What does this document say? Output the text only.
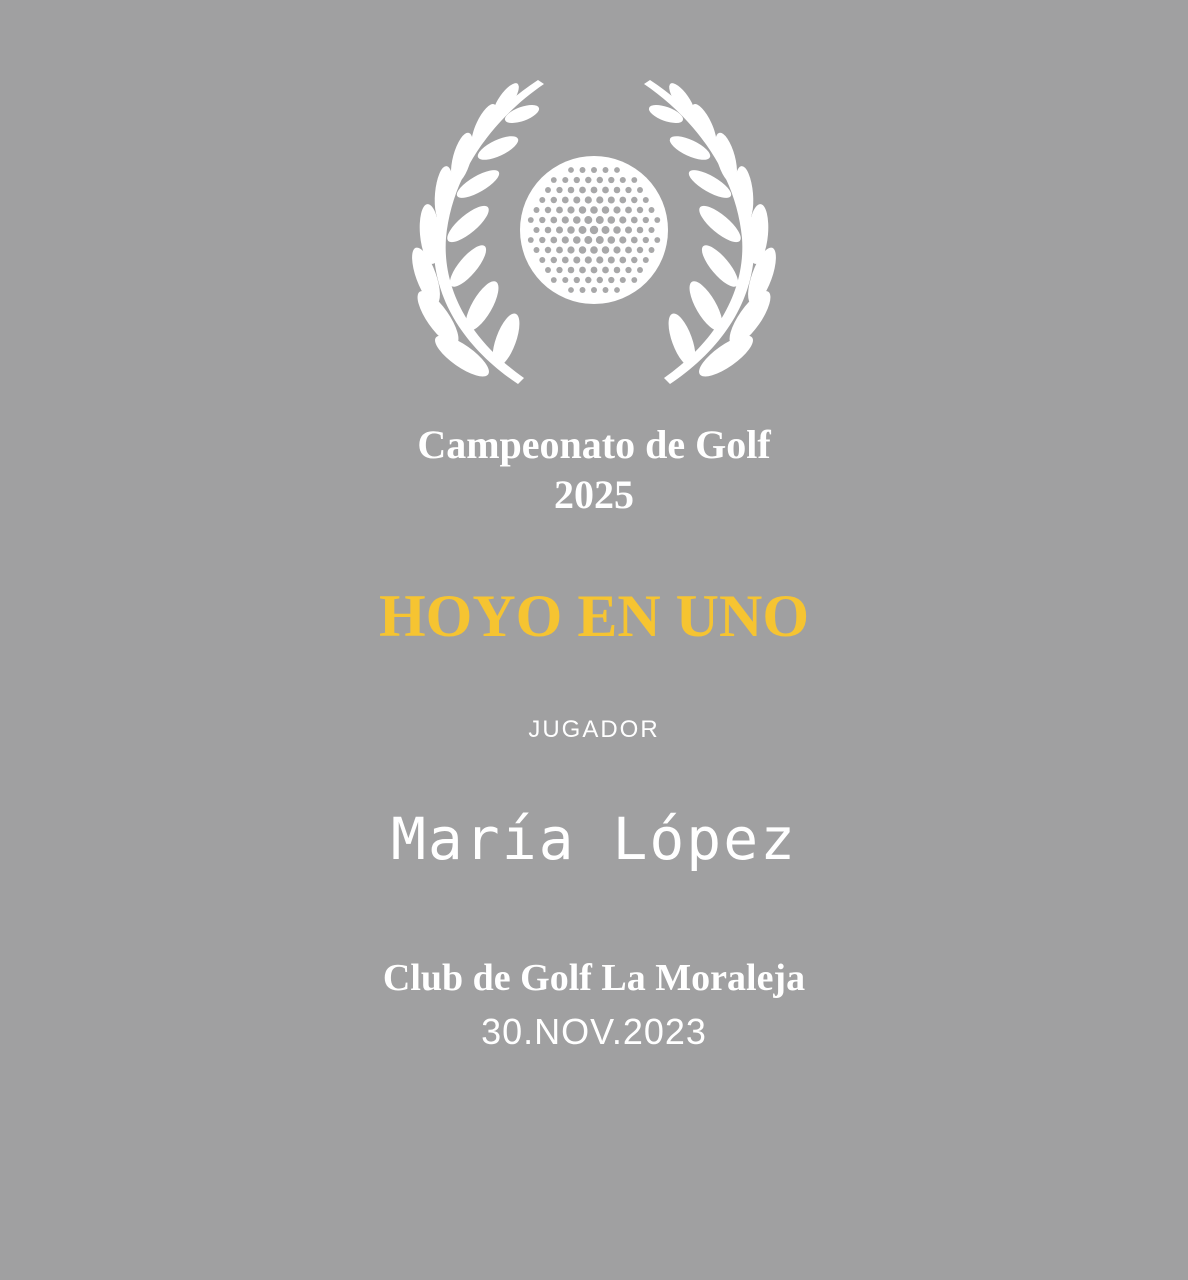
Campeonato de Golf
2025
HOYO EN UNO
JUGADOR
María López
Club de Golf La Moraleja
30.NOV.2023
